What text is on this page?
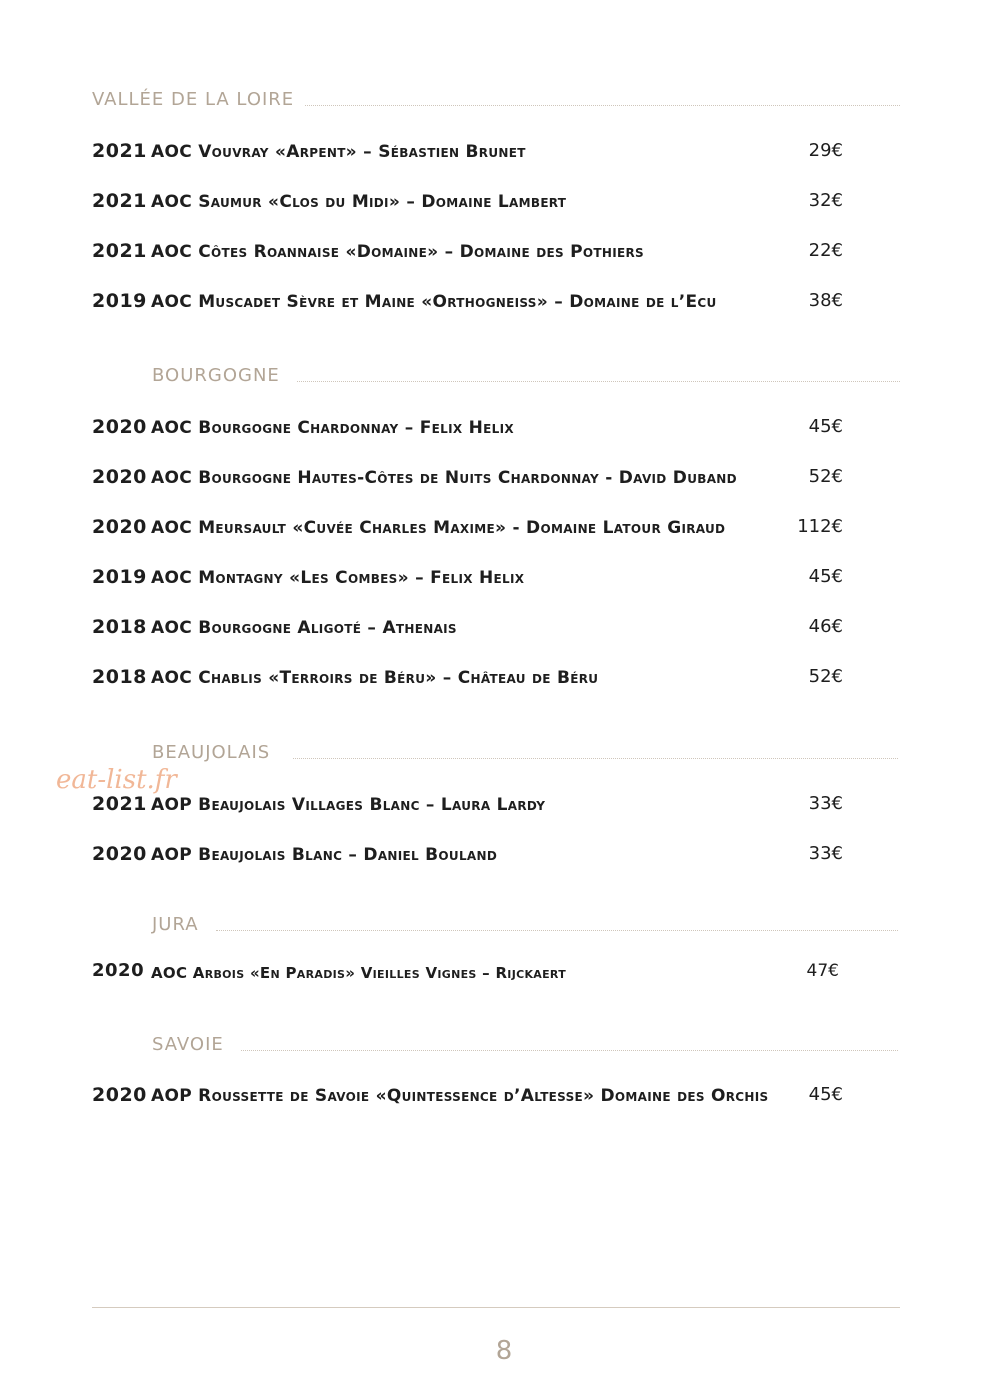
VALLÉE DE LA LOIRE
2021 AOC Vouvray «Arpent» – Sébastien Brunet	29€
2021 AOC Saumur «Clos du Midi» – Domaine Lambert	32€
2021 AOC Côtes Roannaise «Domaine» – Domaine des Pothiers	22€
2019 AOC Muscadet Sèvre et Maine «Orthogneiss» – Domaine de l’Ecu	38€
BOURGOGNE
2020 AOC Bourgogne Chardonnay – Felix Helix	45€
2020 AOC Bourgogne Hautes-Côtes de Nuits Chardonnay - David Duband	52€
2020 AOC Meursault «Cuvée Charles Maxime» - Domaine Latour Giraud	112€
2019 AOC Montagny «Les Combes» – Felix Helix	45€
2018 AOC Bourgogne Aligoté – Athenais	46€
2018 AOC Chablis «Terroirs de Béru» – Château de Béru	52€
BEAUJOLAIS
2021 AOP Beaujolais Villages Blanc – Laura Lardy	33€
2020 AOP Beaujolais Blanc – Daniel Bouland	33€
JURA
2020 AOC Arbois «En Paradis» Vieilles Vignes – Rijckaert	47€
SAVOIE
2020 AOP Roussette de Savoie «Quintessence d’Altesse» Domaine des Orchis 45€
eat-list.fr
8
